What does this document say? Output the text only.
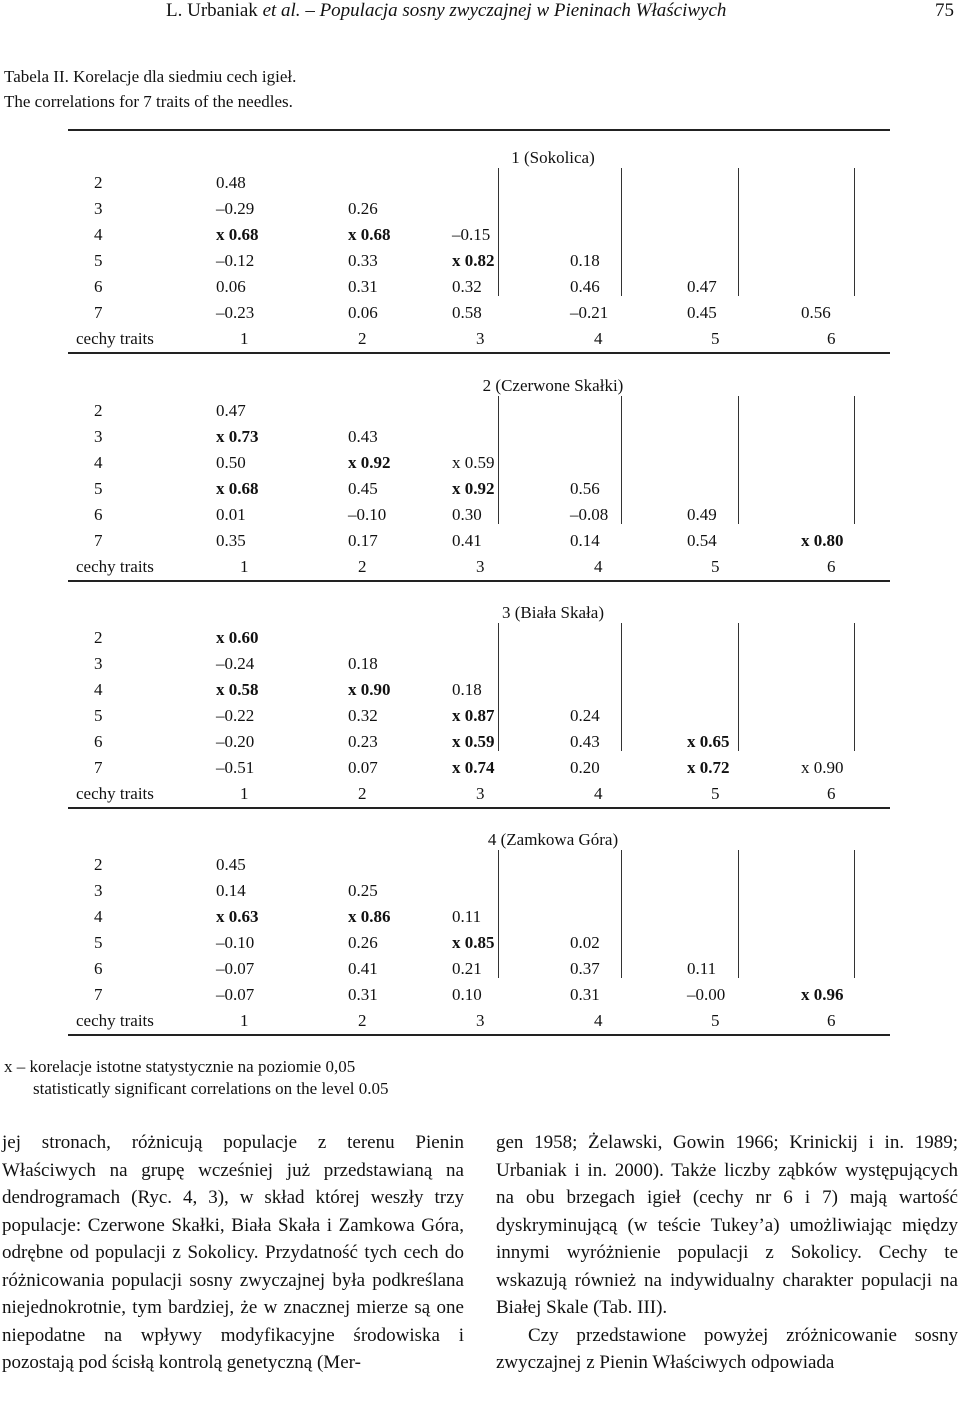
L. Urbaniak et al. – Populacja sosny zwyczajnej w Pieninach Właściwych	75
Tabela II. Korelacje dla siedmiu cech igieł.
The correlations for 7 traits of the needles.
1 (Sokolica)
2	0.48
3	–0.29	0.26
4	x 0.68	x 0.68	–0.15
5	–0.12	0.33	x 0.82	0.18
6	0.06	0.31	0.32	0.46	0.47
7	–0.23	0.06	0.58	–0.21	0.45	0.56
cechy traits	1	2	3	4	5	6
2 (Czerwone Skałki)
2	0.47
3	x 0.73	0.43
4	0.50	x 0.92	x 0.59
5	x 0.68	0.45	x 0.92	0.56
6	0.01	–0.10	0.30	–0.08	0.49
7	0.35	0.17	0.41	0.14	0.54	x 0.80
cechy traits	1	2	3	4	5	6
3 (Biała Skała)
2	x 0.60
3	–0.24	0.18
4	x 0.58	x 0.90	0.18
5	–0.22	0.32	x 0.87	0.24
6	–0.20	0.23	x 0.59	0.43	x 0.65
7	–0.51	0.07	x 0.74	0.20	x 0.72	x 0.90
cechy traits	1	2	3	4	5	6
4 (Zamkowa Góra)
2	0.45
3	0.14	0.25
4	x 0.63	x 0.86	0.11
5	–0.10	0.26	x 0.85	0.02
6	–0.07	0.41	0.21	0.37	0.11
7	–0.07	0.31	0.10	0.31	–0.00	x 0.96
cechy traits	1	2	3	4	5	6
x – korelacje istotne statystycznie na poziomie 0,05
statisticatly significant correlations on the level 0.05

jej stronach, różnicują populacje z terenu Pienin Właściwych na grupę wcześniej już przedstawianą na dendrogramach (Ryc. 4, 3), w skład której weszły trzy populacje: Czerwone Skałki, Biała Skała i Zamkowa Góra, odrębne od populacji z Sokolicy. Przydatność tych cech do różnicowania populacji sosny zwyczajnej była podkreślana niejednokrotnie, tym bardziej, że w znacznej mierze są one niepodatne na wpływy modyfikacyjne środowiska i pozostają pod ścisłą kontrolą genetyczną (Mer-

gen 1958; Żelawski, Gowin 1966; Krinickij i in. 1989; Urbaniak i in. 2000). Także liczby ząbków występujących na obu brzegach igieł (cechy nr 6 i 7) mają wartość dyskryminującą (w teście Tukey’a) umożliwiając między innymi wyróżnienie populacji z Sokolicy. Cechy te wskazują również na indywidualny charakter populacji na Białej Skale (Tab. III).

Czy przedstawione powyżej zróżnicowanie sosny zwyczajnej z Pienin Właściwych odpowiada
